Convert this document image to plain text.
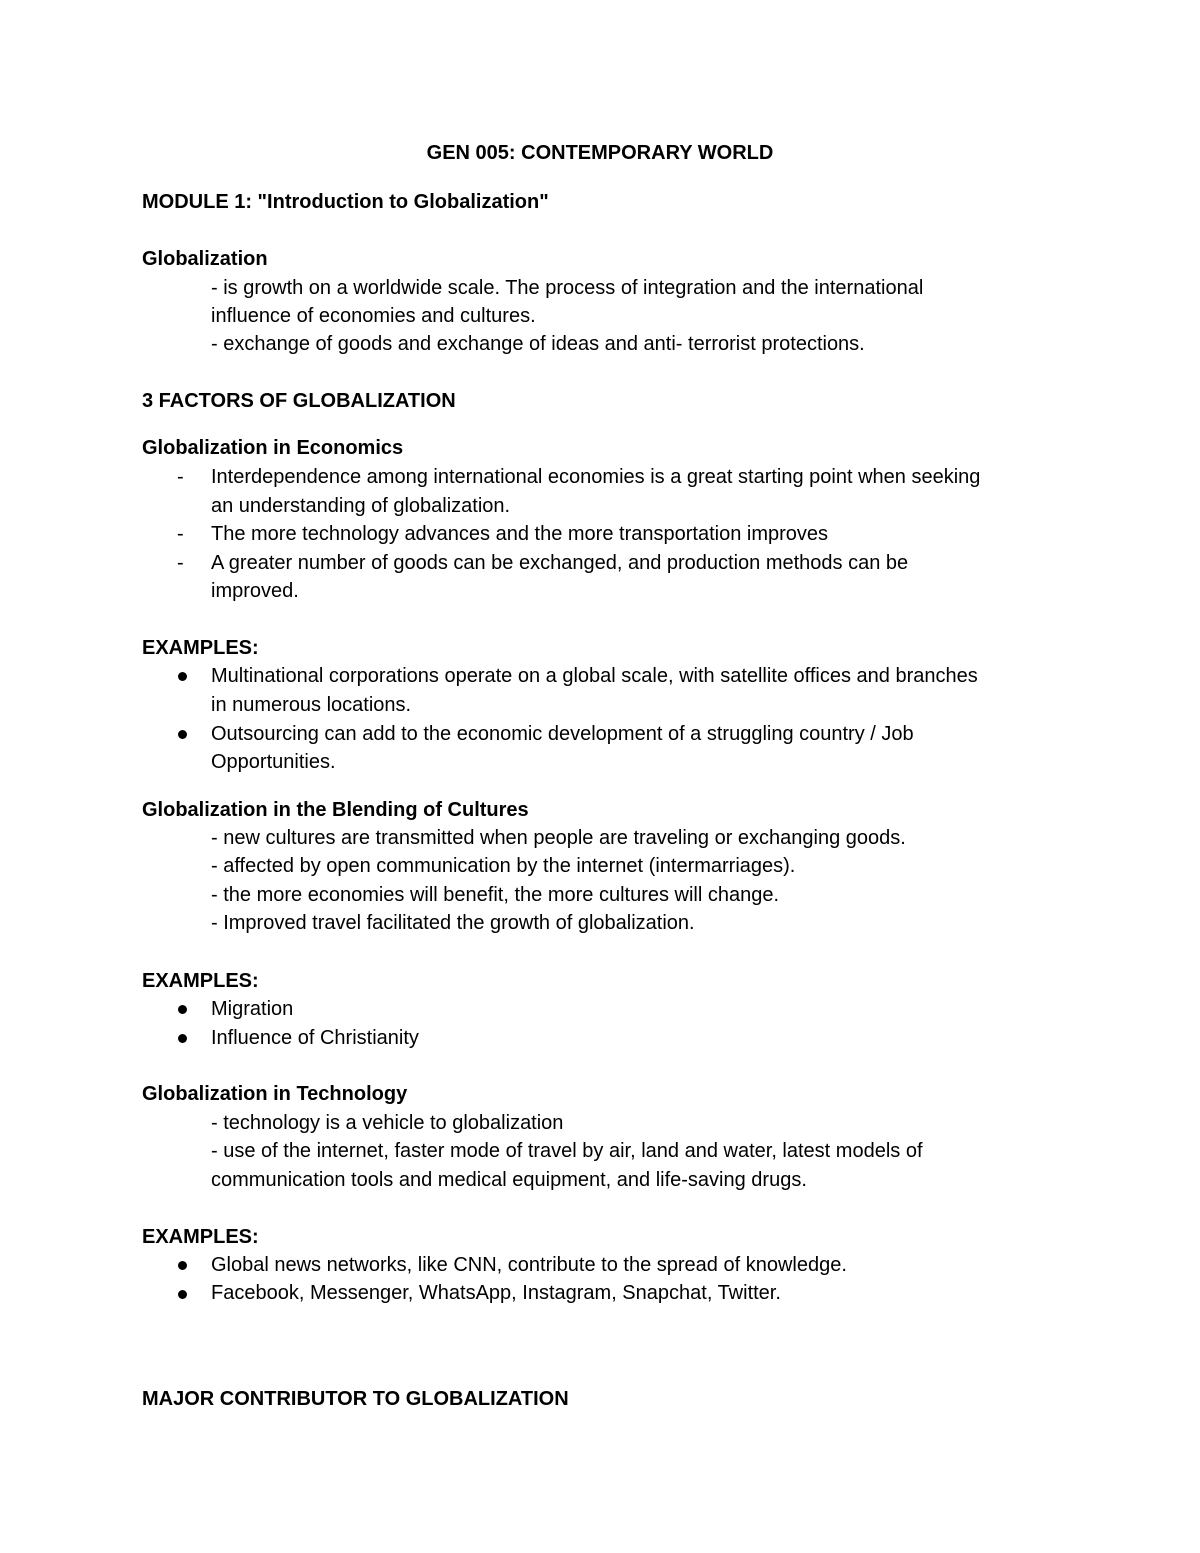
GEN 005: CONTEMPORARY WORLD
MODULE 1: "Introduction to Globalization"
Globalization
- is growth on a worldwide scale. The process of integration and the international
influence of economies and cultures.
- exchange of goods and exchange of ideas and anti- terrorist protections.
3 FACTORS OF GLOBALIZATION
Globalization in Economics
- Interdependence among international economies is a great starting point when seeking
an understanding of globalization.
- The more technology advances and the more transportation improves
- A greater number of goods can be exchanged, and production methods can be
improved.
EXAMPLES:
Multinational corporations operate on a global scale, with satellite offices and branches
in numerous locations.
Outsourcing can add to the economic development of a struggling country / Job
Opportunities.
Globalization in the Blending of Cultures
- new cultures are transmitted when people are traveling or exchanging goods.
- affected by open communication by the internet (intermarriages).
- the more economies will benefit, the more cultures will change.
- Improved travel facilitated the growth of globalization.
EXAMPLES:
Migration
Influence of Christianity
Globalization in Technology
- technology is a vehicle to globalization
- use of the internet, faster mode of travel by air, land and water, latest models of
communication tools and medical equipment, and life-saving drugs.
EXAMPLES:
Global news networks, like CNN, contribute to the spread of knowledge.
Facebook, Messenger, WhatsApp, Instagram, Snapchat, Twitter.
MAJOR CONTRIBUTOR TO GLOBALIZATION
